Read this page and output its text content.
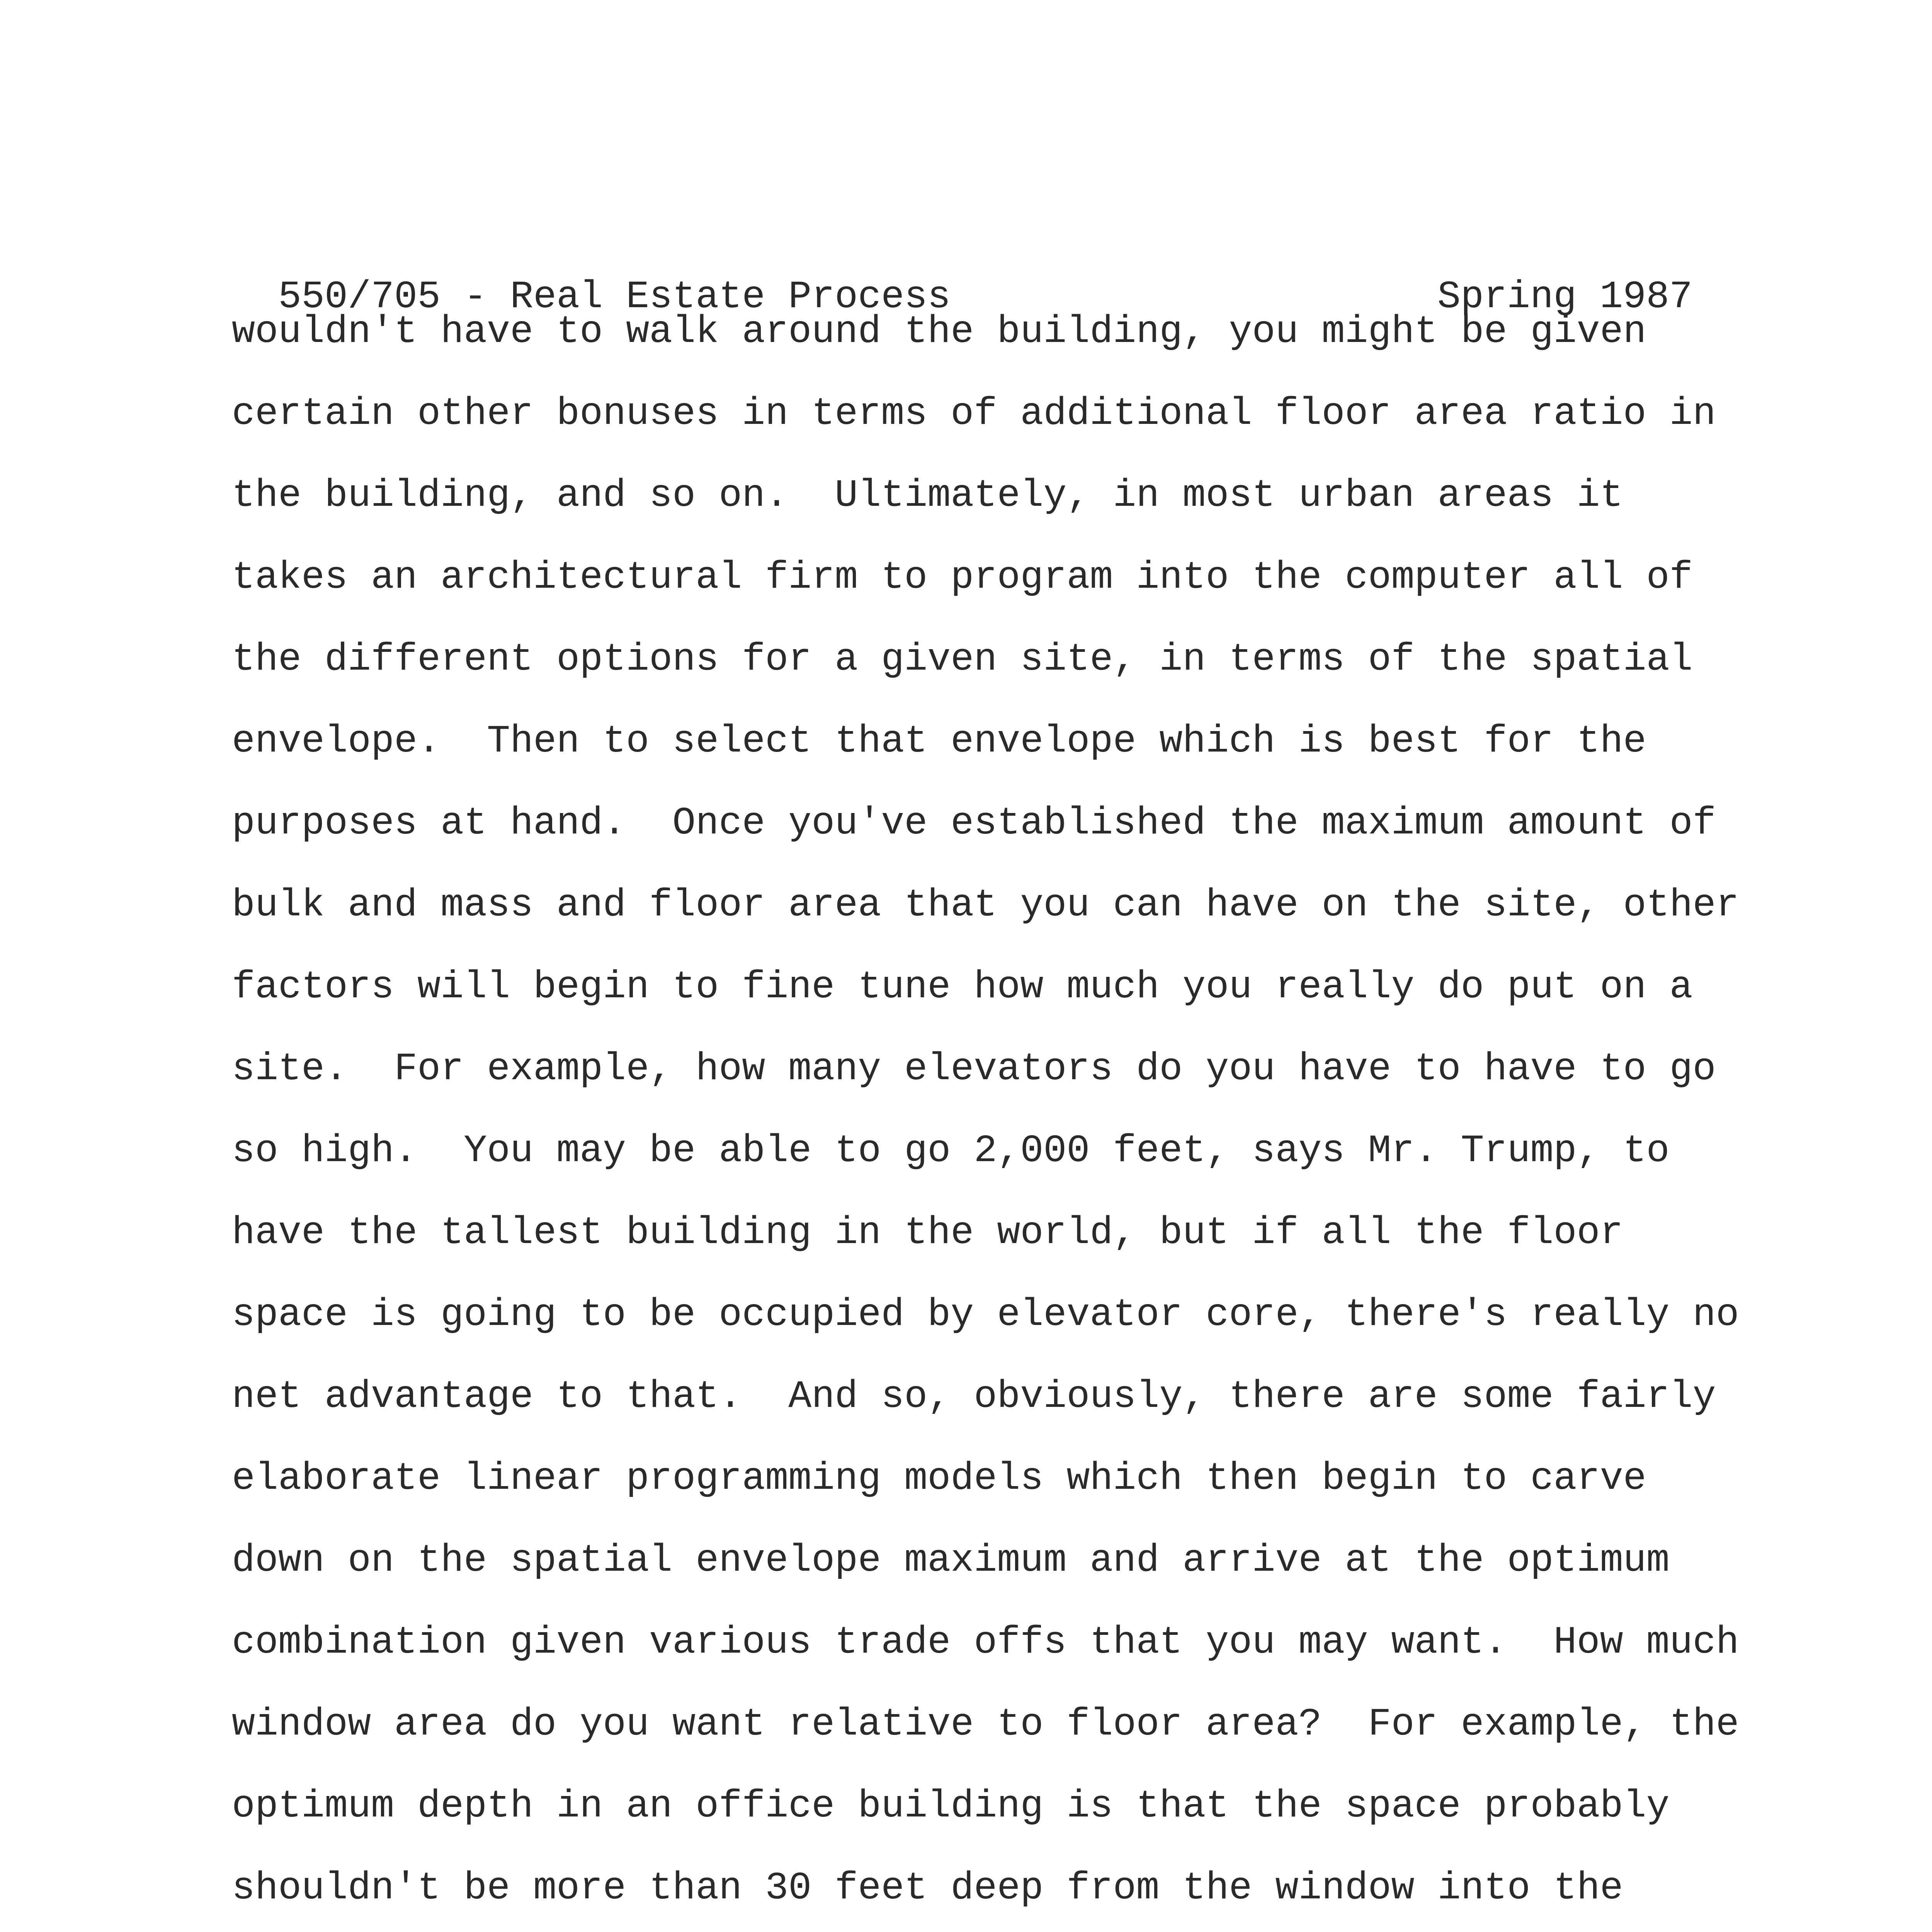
550/705 - Real Estate Process	Spring 1987

wouldn't have to walk around the building, you might be given
certain other bonuses in terms of additional floor area ratio in
the building, and so on.  Ultimately, in most urban areas it
takes an architectural firm to program into the computer all of
the different options for a given site, in terms of the spatial
envelope.  Then to select that envelope which is best for the
purposes at hand.  Once you've established the maximum amount of
bulk and mass and floor area that you can have on the site, other
factors will begin to fine tune how much you really do put on a
site.  For example, how many elevators do you have to have to go
so high.  You may be able to go 2,000 feet, says Mr. Trump, to
have the tallest building in the world, but if all the floor
space is going to be occupied by elevator core, there's really no
net advantage to that.  And so, obviously, there are some fairly
elaborate linear programming models which then begin to carve
down on the spatial envelope maximum and arrive at the optimum
combination given various trade offs that you may want.  How much
window area do you want relative to floor area?  For example, the
optimum depth in an office building is that the space probably
shouldn't be more than 30 feet deep from the window into the
